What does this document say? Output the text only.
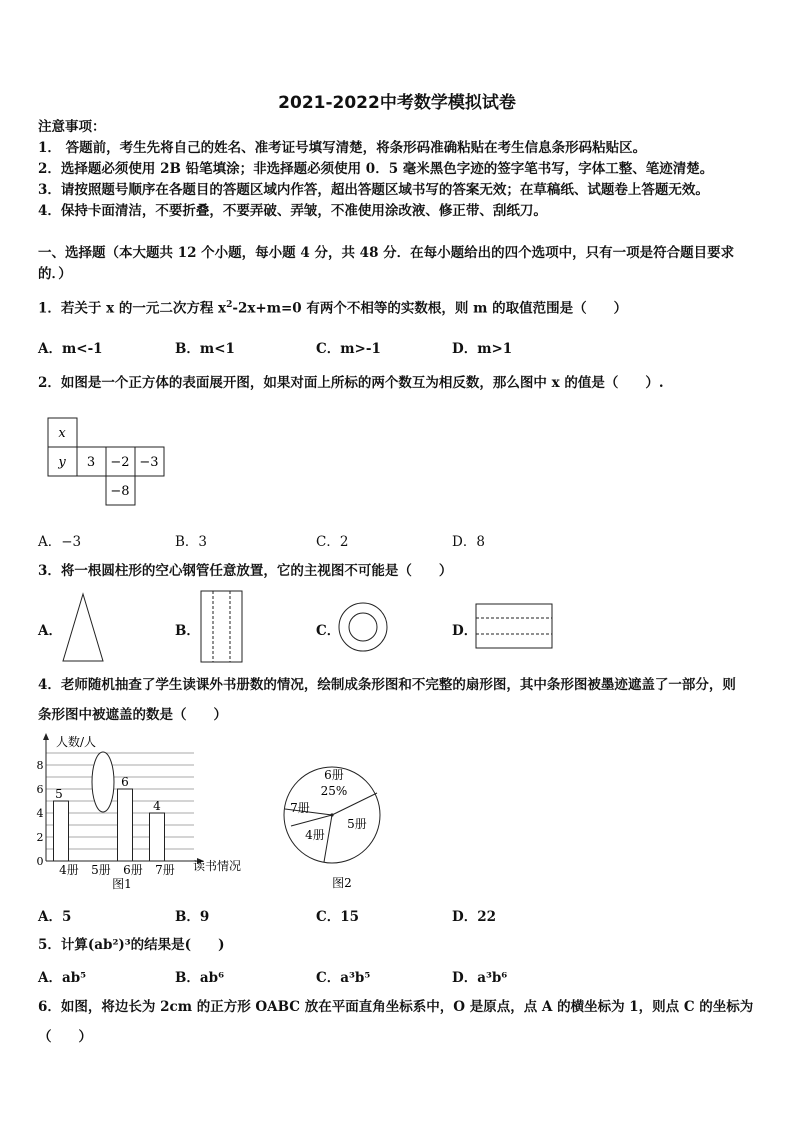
2021-2022中考数学模拟试卷
注意事项：
1． 答题前，考生先将自己的姓名、准考证号填写清楚，将条形码准确粘贴在考生信息条形码粘贴区。
2．选择题必须使用 2B 铅笔填涂；非选择题必须使用 0．5 毫米黑色字迹的签字笔书写，字体工整、笔迹清楚。
3．请按照题号顺序在各题目的答题区域内作答，超出答题区域书写的答案无效；在草稿纸、试题卷上答题无效。
4．保持卡面清洁，不要折叠，不要弄破、弄皱，不准使用涂改液、修正带、刮纸刀。
一、选择题（本大题共 12 个小题，每小题 4 分，共 48 分．在每小题给出的四个选项中，只有一项是符合题目要求
的．）
1．若关于 x 的一元二次方程 $x^2-2x+m=0$ 有两个不相等的实数根，则 m 的取值范围是（　　）
A．m<-1	B．m<1	C．m>-1	D．m>1
2．如图是一个正方体的表面展开图，如果对面上所标的两个数互为相反数，那么图中 x 的值是（　　）.
x
y 3 −2 −3
−8
A．−3	B．3	C．2	D．8
3．将一根圆柱形的空心钢管任意放置，它的主视图不可能是（　　）
A．	B．	C．	D．
4．老师随机抽查了学生读课外书册数的情况，绘制成条形图和不完整的扇形图，其中条形图被墨迹遮盖了一部分，则
条形图中被遮盖的数是（　　）
人数/人
读书情况
0
2
4
6
8
5
6
4
4册 5册 6册 7册
图1
6册
25%
5册
4册
7册
图2
A．5	B．9	C．15	D．22
5．计算(ab²)³的结果是(　　)
A．ab⁵	B．ab⁶	C．a³b⁵	D．a³b⁶
6．如图，将边长为 2cm 的正方形 OABC 放在平面直角坐标系中，O 是原点，点 A 的横坐标为 1，则点 C 的坐标为
（　　）
